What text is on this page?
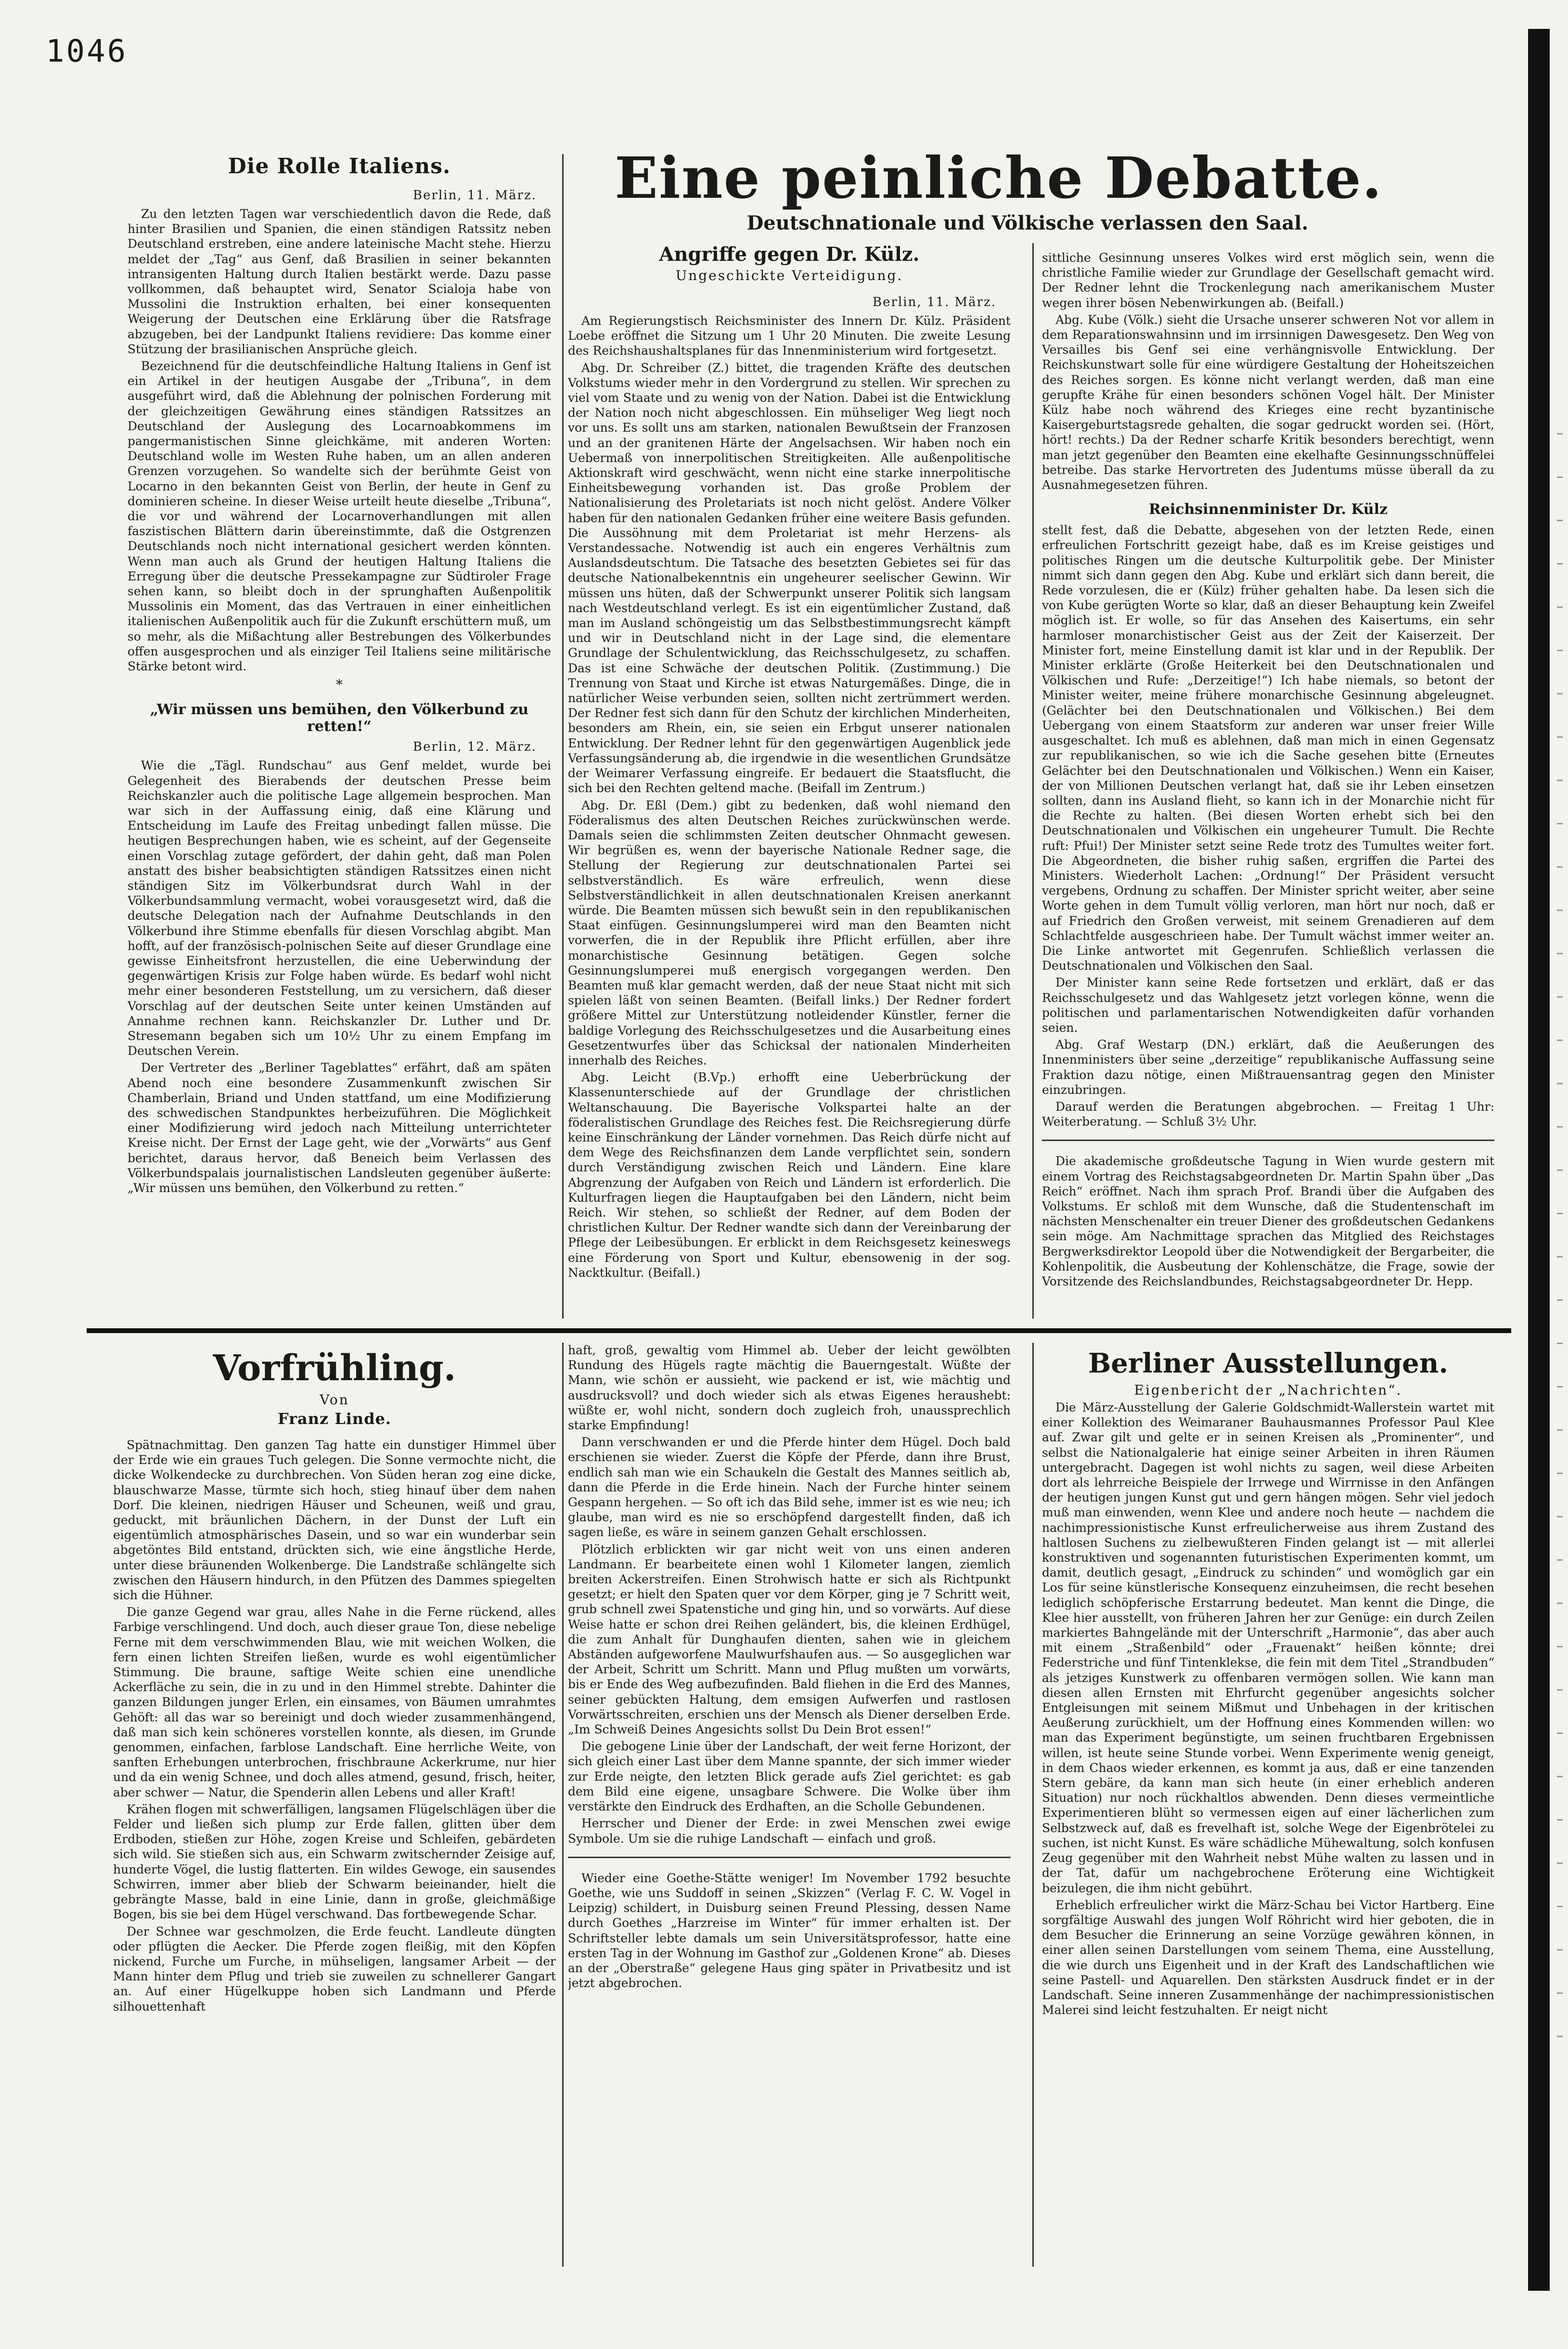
1046
Die Rolle Italiens.
Berlin, 11. März.

Zu den letzten Tagen war verschiedentlich davon die Rede, daß hinter Brasilien und Spanien, die einen ständigen Ratssitz neben Deutschland erstreben, eine andere lateinische Macht stehe. Hierzu meldet der „Tag“ aus Genf, daß Brasilien in seiner bekannten intransigenten Haltung durch Italien bestärkt werde. Dazu passe vollkommen, daß behauptet wird, Senator Scialoja habe von Mussolini die Instruktion erhalten, bei einer konsequenten Weigerung der Deutschen eine Erklärung über die Ratsfrage abzugeben, bei der Landpunkt Italiens revidiere: Das komme einer Stützung der brasilianischen Ansprüche gleich.

Bezeichnend für die deutschfeindliche Haltung Italiens in Genf ist ein Artikel in der heutigen Ausgabe der „Tribuna“, in dem ausgeführt wird, daß die Ablehnung der polnischen Forderung mit der gleichzeitigen Gewährung eines ständigen Ratssitzes an Deutschland der Auslegung des Locarnoabkommens im pangermanistischen Sinne gleichkäme, mit anderen Worten: Deutschland wolle im Westen Ruhe haben, um an allen anderen Grenzen vorzugehen. So wandelte sich der berühmte Geist von Locarno in den bekannten Geist von Berlin, der heute in Genf zu dominieren scheine. In dieser Weise urteilt heute dieselbe „Tribuna“, die vor und während der Locarnoverhandlungen mit allen faszistischen Blättern darin übereinstimmte, daß die Ostgrenzen Deutschlands noch nicht international gesichert werden könnten. Wenn man auch als Grund der heutigen Haltung Italiens die Erregung über die deutsche Pressekampagne zur Südtiroler Frage sehen kann, so bleibt doch in der sprunghaften Außenpolitik Mussolinis ein Moment, das das Vertrauen in einer einheitlichen italienischen Außenpolitik auch für die Zukunft erschüttern muß, um so mehr, als die Mißachtung aller Bestrebungen des Völkerbundes offen ausgesprochen und als einziger Teil Italiens seine militärische Stärke betont wird.

*
„Wir müssen uns bemühen, den Völkerbund zu retten!“
Berlin, 12. März.

Wie die „Tägl. Rundschau“ aus Genf meldet, wurde bei Gelegenheit des Bierabends der deutschen Presse beim Reichskanzler auch die politische Lage allgemein besprochen. Man war sich in der Auffassung einig, daß eine Klärung und Entscheidung im Laufe des Freitag unbedingt fallen müsse. Die heutigen Besprechungen haben, wie es scheint, auf der Gegenseite einen Vorschlag zutage gefördert, der dahin geht, daß man Polen anstatt des bisher beabsichtigten ständigen Ratssitzes einen nicht ständigen Sitz im Völkerbundsrat durch Wahl in der Völkerbundsammlung vermacht, wobei vorausgesetzt wird, daß die deutsche Delegation nach der Aufnahme Deutschlands in den Völkerbund ihre Stimme ebenfalls für diesen Vorschlag abgibt. Man hofft, auf der französisch-polnischen Seite auf dieser Grundlage eine gewisse Einheitsfront herzustellen, die eine Ueberwindung der gegenwärtigen Krisis zur Folge haben würde. Es bedarf wohl nicht mehr einer besonderen Feststellung, um zu versichern, daß dieser Vorschlag auf der deutschen Seite unter keinen Umständen auf Annahme rechnen kann. Reichskanzler Dr. Luther und Dr. Stresemann begaben sich um 10½ Uhr zu einem Empfang im Deutschen Verein.

Der Vertreter des „Berliner Tageblattes“ erfährt, daß am späten Abend noch eine besondere Zusammenkunft zwischen Sir Chamberlain, Briand und Unden stattfand, um eine Modifizierung des schwedischen Standpunktes herbeizuführen. Die Möglichkeit einer Modifizierung wird jedoch nach Mitteilung unterrichteter Kreise nicht. Der Ernst der Lage geht, wie der „Vorwärts“ aus Genf berichtet, daraus hervor, daß Beneich beim Verlassen des Völkerbundspalais journalistischen Landsleuten gegenüber äußerte: „Wir müssen uns bemühen, den Völkerbund zu retten.“

Eine peinliche Debatte.
Deutschnationale und Völkische verlassen den Saal.
Angriffe gegen Dr. Külz.
Ungeschickte Verteidigung.
Berlin, 11. März.

Am Regierungstisch Reichsminister des Innern Dr. Külz. Präsident Loebe eröffnet die Sitzung um 1 Uhr 20 Minuten. Die zweite Lesung des Reichshaushaltsplanes für das Innenministerium wird fortgesetzt.

Abg. Dr. Schreiber (Z.) bittet, die tragenden Kräfte des deutschen Volkstums wieder mehr in den Vordergrund zu stellen. Wir sprechen zu viel vom Staate und zu wenig von der Nation. Dabei ist die Entwicklung der Nation noch nicht abgeschlossen. Ein mühseliger Weg liegt noch vor uns. Es sollt uns am starken, nationalen Bewußtsein der Franzosen und an der granitenen Härte der Angelsachsen. Wir haben noch ein Uebermaß von innerpolitischen Streitigkeiten. Alle außenpolitische Aktionskraft wird geschwächt, wenn nicht eine starke innerpolitische Einheitsbewegung vorhanden ist. Das große Problem der Nationalisierung des Proletariats ist noch nicht gelöst. Andere Völker haben für den nationalen Gedanken früher eine weitere Basis gefunden. Die Aussöhnung mit dem Proletariat ist mehr Herzens- als Verstandessache. Notwendig ist auch ein engeres Verhältnis zum Auslandsdeutschtum. Die Tatsache des besetzten Gebietes sei für das deutsche Nationalbekenntnis ein ungeheurer seelischer Gewinn. Wir müssen uns hüten, daß der Schwerpunkt unserer Politik sich langsam nach Westdeutschland verlegt. Es ist ein eigentümlicher Zustand, daß man im Ausland schöngeistig um das Selbstbestimmungsrecht kämpft und wir in Deutschland nicht in der Lage sind, die elementare Grundlage der Schulentwicklung, das Reichsschulgesetz, zu schaffen. Das ist eine Schwäche der deutschen Politik. (Zustimmung.) Die Trennung von Staat und Kirche ist etwas Naturgemäßes. Dinge, die in natürlicher Weise verbunden seien, sollten nicht zertrümmert werden. Der Redner fest sich dann für den Schutz der kirchlichen Minderheiten, besonders am Rhein, ein, sie seien ein Erbgut unserer nationalen Entwicklung. Der Redner lehnt für den gegenwärtigen Augenblick jede Verfassungsänderung ab, die irgendwie in die wesentlichen Grundsätze der Weimarer Verfassung eingreife. Er bedauert die Staatsflucht, die sich bei den Rechten geltend mache. (Beifall im Zentrum.)

Abg. Dr. Eßl (Dem.) gibt zu bedenken, daß wohl niemand den Föderalismus des alten Deutschen Reiches zurückwünschen werde. Damals seien die schlimmsten Zeiten deutscher Ohnmacht gewesen. Wir begrüßen es, wenn der bayerische Nationale Redner sage, die Stellung der Regierung zur deutschnationalen Partei sei selbstverständlich. Es wäre erfreulich, wenn diese Selbstverständlichkeit in allen deutschnationalen Kreisen anerkannt würde. Die Beamten müssen sich bewußt sein in den republikanischen Staat einfügen. Gesinnungslumperei wird man den Beamten nicht vorwerfen, die in der Republik ihre Pflicht erfüllen, aber ihre monarchistische Gesinnung betätigen. Gegen solche Gesinnungslumperei muß energisch vorgegangen werden. Den Beamten muß klar gemacht werden, daß der neue Staat nicht mit sich spielen läßt von seinen Beamten. (Beifall links.) Der Redner fordert größere Mittel zur Unterstützung notleidender Künstler, ferner die baldige Vorlegung des Reichsschulgesetzes und die Ausarbeitung eines Gesetzentwurfes über das Schicksal der nationalen Minderheiten innerhalb des Reiches.

Abg. Leicht (B.Vp.) erhofft eine Ueberbrückung der Klassenunterschiede auf der Grundlage der christlichen Weltanschauung. Die Bayerische Volkspartei halte an der föderalistischen Grundlage des Reiches fest. Die Reichsregierung dürfe keine Einschränkung der Länder vornehmen. Das Reich dürfe nicht auf dem Wege des Reichsfinanzen dem Lande verpflichtet sein, sondern durch Verständigung zwischen Reich und Ländern. Eine klare Abgrenzung der Aufgaben von Reich und Ländern ist erforderlich. Die Kulturfragen liegen die Hauptaufgaben bei den Ländern, nicht beim Reich. Wir stehen, so schließt der Redner, auf dem Boden der christlichen Kultur. Der Redner wandte sich dann der Vereinbarung der Pflege der Leibesübungen. Er erblickt in dem Reichsgesetz keineswegs eine Förderung von Sport und Kultur, ebensowenig in der sog. Nacktkultur. (Beifall.)

sittliche Gesinnung unseres Volkes wird erst möglich sein, wenn die christliche Familie wieder zur Grundlage der Gesellschaft gemacht wird. Der Redner lehnt die Trockenlegung nach amerikanischem Muster wegen ihrer bösen Nebenwirkungen ab. (Beifall.)

Abg. Kube (Völk.) sieht die Ursache unserer schweren Not vor allem in dem Reparationswahnsinn und im irrsinnigen Dawesgesetz. Den Weg von Versailles bis Genf sei eine verhängnisvolle Entwicklung. Der Reichskunstwart solle für eine würdigere Gestaltung der Hoheitszeichen des Reiches sorgen. Es könne nicht verlangt werden, daß man eine gerupfte Krähe für einen besonders schönen Vogel hält. Der Minister Külz habe noch während des Krieges eine recht byzantinische Kaisergeburtstagsrede gehalten, die sogar gedruckt worden sei. (Hört, hört! rechts.) Da der Redner scharfe Kritik besonders berechtigt, wenn man jetzt gegenüber den Beamten eine ekelhafte Gesinnungsschnüffelei betreibe. Das starke Hervortreten des Judentums müsse überall da zu Ausnahmegesetzen führen.

Reichsinnenminister Dr. Külz

stellt fest, daß die Debatte, abgesehen von der letzten Rede, einen erfreulichen Fortschritt gezeigt habe, daß es im Kreise geistiges und politisches Ringen um die deutsche Kulturpolitik gebe. Der Minister nimmt sich dann gegen den Abg. Kube und erklärt sich dann bereit, die Rede vorzulesen, die er (Külz) früher gehalten habe. Da lesen sich die von Kube gerügten Worte so klar, daß an dieser Behauptung kein Zweifel möglich ist. Er wolle, so für das Ansehen des Kaisertums, ein sehr harmloser monarchistischer Geist aus der Zeit der Kaiserzeit. Der Minister fort, meine Einstellung damit ist klar und in der Republik. Der Minister erklärte (Große Heiterkeit bei den Deutschnationalen und Völkischen und Rufe: „Derzeitige!“) Ich habe niemals, so betont der Minister weiter, meine frühere monarchische Gesinnung abgeleugnet. (Gelächter bei den Deutschnationalen und Völkischen.) Bei dem Uebergang von einem Staatsform zur anderen war unser freier Wille ausgeschaltet. Ich muß es ablehnen, daß man mich in einen Gegensatz zur republikanischen, so wie ich die Sache gesehen bitte (Erneutes Gelächter bei den Deutschnationalen und Völkischen.) Wenn ein Kaiser, der von Millionen Deutschen verlangt hat, daß sie ihr Leben einsetzen sollten, dann ins Ausland flieht, so kann ich in der Monarchie nicht für die Rechte zu halten. (Bei diesen Worten erhebt sich bei den Deutschnationalen und Völkischen ein ungeheurer Tumult. Die Rechte ruft: Pfui!) Der Minister setzt seine Rede trotz des Tumultes weiter fort. Die Abgeordneten, die bisher ruhig saßen, ergriffen die Partei des Ministers. Wiederholt Lachen: „Ordnung!“ Der Präsident versucht vergebens, Ordnung zu schaffen. Der Minister spricht weiter, aber seine Worte gehen in dem Tumult völlig verloren, man hört nur noch, daß er auf Friedrich den Großen verweist, mit seinem Grenadieren auf dem Schlachtfelde ausgeschrieen habe. Der Tumult wächst immer weiter an. Die Linke antwortet mit Gegenrufen. Schließlich verlassen die Deutschnationalen und Völkischen den Saal.

Der Minister kann seine Rede fortsetzen und erklärt, daß er das Reichsschulgesetz und das Wahlgesetz jetzt vorlegen könne, wenn die politischen und parlamentarischen Notwendigkeiten dafür vorhanden seien.

Abg. Graf Westarp (DN.) erklärt, daß die Aeußerungen des Innenministers über seine „derzeitige“ republikanische Auffassung seine Fraktion dazu nötige, einen Mißtrauensantrag gegen den Minister einzubringen.

Darauf werden die Beratungen abgebrochen. — Freitag 1 Uhr: Weiterberatung. — Schluß 3½ Uhr.

Die akademische großdeutsche Tagung in Wien wurde gestern mit einem Vortrag des Reichstagsabgeordneten Dr. Martin Spahn über „Das Reich“ eröffnet. Nach ihm sprach Prof. Brandi über die Aufgaben des Volkstums. Er schloß mit dem Wunsche, daß die Studentenschaft im nächsten Menschenalter ein treuer Diener des großdeutschen Gedankens sein möge. Am Nachmittage sprachen das Mitglied des Reichstages Bergwerksdirektor Leopold über die Notwendigkeit der Bergarbeiter, die Kohlenpolitik, die Ausbeutung der Kohlenschätze, die Frage, sowie der Vorsitzende des Reichslandbundes, Reichstagsabgeordneter Dr. Hepp.

Vorfrühling.
Von
Franz Linde.

Spätnachmittag. Den ganzen Tag hatte ein dunstiger Himmel über der Erde wie ein graues Tuch gelegen. Die Sonne vermochte nicht, die dicke Wolkendecke zu durchbrechen. Von Süden heran zog eine dicke, blauschwarze Masse, türmte sich hoch, stieg hinauf über dem nahen Dorf. Die kleinen, niedrigen Häuser und Scheunen, weiß und grau, geduckt, mit bräunlichen Dächern, in der Dunst der Luft ein eigentümlich atmosphärisches Dasein, und so war ein wunderbar sein abgetöntes Bild entstand, drückten sich, wie eine ängstliche Herde, unter diese bräunenden Wolkenberge. Die Landstraße schlängelte sich zwischen den Häusern hindurch, in den Pfützen des Dammes spiegelten sich die Hühner.

Die ganze Gegend war grau, alles Nahe in die Ferne rückend, alles Farbige verschlingend. Und doch, auch dieser graue Ton, diese nebelige Ferne mit dem verschwimmenden Blau, wie mit weichen Wolken, die fern einen lichten Streifen ließen, wurde es wohl eigentümlicher Stimmung. Die braune, saftige Weite schien eine unendliche Ackerfläche zu sein, die in zu und in den Himmel strebte. Dahinter die ganzen Bildungen junger Erlen, ein einsames, von Bäumen umrahmtes Gehöft: all das war so bereinigt und doch wieder zusammenhängend, daß man sich kein schöneres vorstellen konnte, als diesen, im Grunde genommen, einfachen, farblose Landschaft. Eine herrliche Weite, von sanften Erhebungen unterbrochen, frischbraune Ackerkrume, nur hier und da ein wenig Schnee, und doch alles atmend, gesund, frisch, heiter, aber schwer — Natur, die Spenderin allen Lebens und aller Kraft!

Krähen flogen mit schwerfälligen, langsamen Flügelschlägen über die Felder und ließen sich plump zur Erde fallen, glitten über dem Erdboden, stießen zur Höhe, zogen Kreise und Schleifen, gebärdeten sich wild. Sie stießen sich aus, ein Schwarm zwitschernder Zeisige auf, hunderte Vögel, die lustig flatterten. Ein wildes Gewoge, ein sausendes Schwirren, immer aber blieb der Schwarm beieinander, hielt die gebrängte Masse, bald in eine Linie, dann in große, gleichmäßige Bogen, bis sie bei dem Hügel verschwand. Das fortbewegende Schar.

Der Schnee war geschmolzen, die Erde feucht. Landleute düngten oder pflügten die Aecker. Die Pferde zogen fleißig, mit den Köpfen nickend, Furche um Furche, in mühseligen, langsamer Arbeit — der Mann hinter dem Pflug und trieb sie zuweilen zu schnellerer Gangart an. Auf einer Hügelkuppe hoben sich Landmann und Pferde silhouettenhaft

haft, groß, gewaltig vom Himmel ab. Ueber der leicht gewölbten Rundung des Hügels ragte mächtig die Bauerngestalt. Wüßte der Mann, wie schön er aussieht, wie packend er ist, wie mächtig und ausdrucksvoll? und doch wieder sich als etwas Eigenes heraushebt: wüßte er, wohl nicht, sondern doch zugleich froh, unaussprechlich starke Empfindung!

Dann verschwanden er und die Pferde hinter dem Hügel. Doch bald erschienen sie wieder. Zuerst die Köpfe der Pferde, dann ihre Brust, endlich sah man wie ein Schaukeln die Gestalt des Mannes seitlich ab, dann die Pferde in die Erde hinein. Nach der Furche hinter seinem Gespann hergehen. — So oft ich das Bild sehe, immer ist es wie neu; ich glaube, man wird es nie so erschöpfend dargestellt finden, daß ich sagen ließe, es wäre in seinem ganzen Gehalt erschlossen.

Plötzlich erblickten wir gar nicht weit von uns einen anderen Landmann. Er bearbeitete einen wohl 1 Kilometer langen, ziemlich breiten Ackerstreifen. Einen Strohwisch hatte er sich als Richtpunkt gesetzt; er hielt den Spaten quer vor dem Körper, ging je 7 Schritt weit, grub schnell zwei Spatenstiche und ging hin, und so vorwärts. Auf diese Weise hatte er schon drei Reihen geländert, bis, die kleinen Erdhügel, die zum Anhalt für Dunghaufen dienten, sahen wie in gleichem Abständen aufgeworfene Maulwurfshaufen aus. — So ausgeglichen war der Arbeit, Schritt um Schritt. Mann und Pflug mußten um vorwärts, bis er Ende des Weg aufbezufinden. Bald fliehen in die Erd des Mannes, seiner gebückten Haltung, dem emsigen Aufwerfen und rastlosen Vorwärtsschreiten, erschien uns der Mensch als Diener derselben Erde. „Im Schweiß Deines Angesichts sollst Du Dein Brot essen!“

Die gebogene Linie über der Landschaft, der weit ferne Horizont, der sich gleich einer Last über dem Manne spannte, der sich immer wieder zur Erde neigte, den letzten Blick gerade aufs Ziel gerichtet: es gab dem Bild eine eigene, unsagbare Schwere. Die Wolke über ihm verstärkte den Eindruck des Erdhaften, an die Scholle Gebundenen.

Herrscher und Diener der Erde: in zwei Menschen zwei ewige Symbole. Um sie die ruhige Landschaft — einfach und groß.

Wieder eine Goethe-Stätte weniger! Im November 1792 besuchte Goethe, wie uns Suddoff in seinen „Skizzen“ (Verlag F. C. W. Vogel in Leipzig) schildert, in Duisburg seinen Freund Plessing, dessen Name durch Goethes „Harzreise im Winter“ für immer erhalten ist. Der Schriftsteller lebte damals um sein Universitätsprofessor, hatte eine ersten Tag in der Wohnung im Gasthof zur „Goldenen Krone“ ab. Dieses an der „Oberstraße“ gelegene Haus ging später in Privatbesitz und ist jetzt abgebrochen.

Berliner Ausstellungen.
Eigenbericht der „Nachrichten“.

Die März-Ausstellung der Galerie Goldschmidt-Wallerstein wartet mit einer Kollektion des Weimaraner Bauhausmannes Professor Paul Klee auf. Zwar gilt und gelte er in seinen Kreisen als „Prominenter“, und selbst die Nationalgalerie hat einige seiner Arbeiten in ihren Räumen untergebracht. Dagegen ist wohl nichts zu sagen, weil diese Arbeiten dort als lehrreiche Beispiele der Irrwege und Wirrnisse in den Anfängen der heutigen jungen Kunst gut und gern hängen mögen. Sehr viel jedoch muß man einwenden, wenn Klee und andere noch heute — nachdem die nachimpressionistische Kunst erfreulicherweise aus ihrem Zustand des haltlosen Suchens zu zielbewußteren Finden gelangt ist — mit allerlei konstruktiven und sogenannten futuristischen Experimenten kommt, um damit, deutlich gesagt, „Eindruck zu schinden“ und womöglich gar ein Los für seine künstlerische Konsequenz einzuheimsen, die recht besehen lediglich schöpferische Erstarrung bedeutet. Man kennt die Dinge, die Klee hier ausstellt, von früheren Jahren her zur Genüge: ein durch Zeilen markiertes Bahngelände mit der Unterschrift „Harmonie“, das aber auch mit einem „Straßenbild“ oder „Frauenakt“ heißen könnte; drei Federstriche und fünf Tintenklekse, die fein mit dem Titel „Strandbuden“ als jetziges Kunstwerk zu offenbaren vermögen sollen. Wie kann man diesen allen Ernsten mit Ehrfurcht gegenüber angesichts solcher Entgleisungen mit seinem Mißmut und Unbehagen in der kritischen Aeußerung zurückhielt, um der Hoffnung eines Kommenden willen: wo man das Experiment begünstigte, um seinen fruchtbaren Ergebnissen willen, ist heute seine Stunde vorbei. Wenn Experimente wenig geneigt, in dem Chaos wieder erkennen, es kommt ja aus, daß er eine tanzenden Stern gebäre, da kann man sich heute (in einer erheblich anderen Situation) nur noch rückhaltlos abwenden. Denn dieses vermeintliche Experimentieren blüht so vermessen eigen auf einer lächerlichen zum Selbstzweck auf, daß es frevelhaft ist, solche Wege der Eigenbrötelei zu suchen, ist nicht Kunst. Es wäre schädliche Mühewaltung, solch konfusen Zeug gegenüber mit den Wahrheit nebst Mühe walten zu lassen und in der Tat, dafür um nachgebrochene Eröterung eine Wichtigkeit beizulegen, die ihm nicht gebührt.

Erheblich erfreulicher wirkt die März-Schau bei Victor Hartberg. Eine sorgfältige Auswahl des jungen Wolf Röhricht wird hier geboten, die in dem Besucher die Erinnerung an seine Vorzüge gewähren können, in einer allen seinen Darstellungen vom seinem Thema, eine Ausstellung, die wie durch uns Eigenheit und in der Kraft des Landschaftlichen wie seine Pastell- und Aquarellen. Den stärksten Ausdruck findet er in der Landschaft. Seine inneren Zusammenhänge der nachimpressionistischen Malerei sind leicht festzuhalten. Er neigt nicht
